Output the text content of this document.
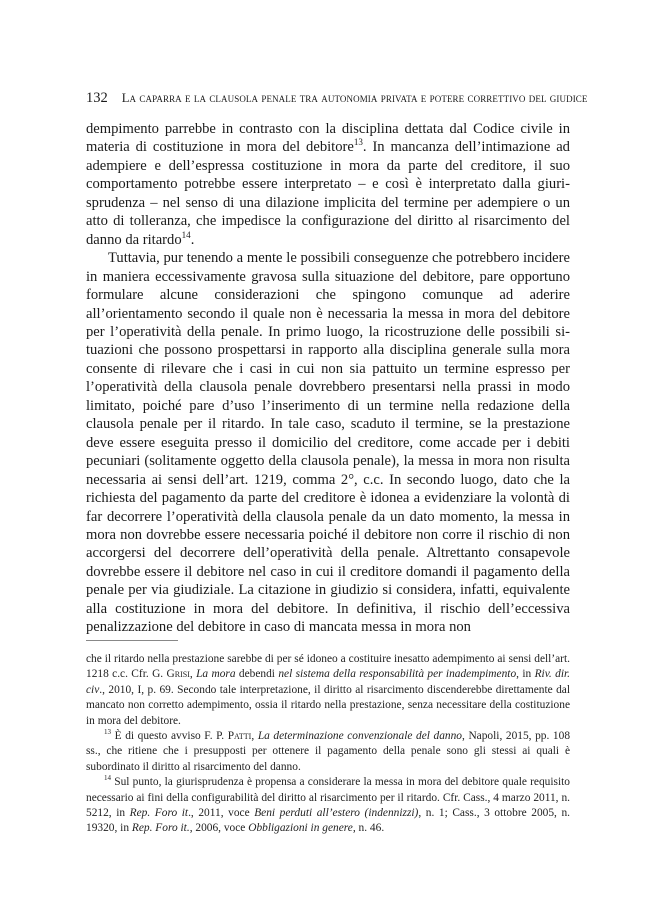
132 La caparra e la clausola penale tra autonomia privata e potere correttivo del giudice

dempimento parrebbe in contrasto con la disciplina dettata dal Codice civile in materia di costituzione in mora del debitore$^{13}$. In mancanza dell’intimazione ad adempiere e dell’espressa costituzione in mora da parte del creditore, il suo comportamento potrebbe essere interpretato – e così è interpretato dalla giurisprudenza – nel senso di una dilazione implicita del termine per adempiere o un atto di tolleranza, che impedisce la configurazione del diritto al risarcimento del danno da ritardo$^{14}$.

Tuttavia, pur tenendo a mente le possibili conseguenze che potrebbero incidere in maniera eccessivamente gravosa sulla situazione del debitore, pare opportuno formulare alcune considerazioni che spingono comunque ad aderire all’orientamento secondo il quale non è necessaria la messa in mora del debitore per l’operatività della penale. In primo luogo, la ricostruzione delle possibili situazioni che possono prospettarsi in rapporto alla disciplina generale sulla mora consente di rilevare che i casi in cui non sia pattuito un termine espresso per l’operatività della clausola penale dovrebbero presentarsi nella prassi in modo limitato, poiché pare d’uso l’inserimento di un termine nella redazione della clausola penale per il ritardo. In tale caso, scaduto il termine, se la prestazione deve essere eseguita presso il domicilio del creditore, come accade per i debiti pecuniari (solitamente oggetto della clausola penale), la messa in mora non risulta necessaria ai sensi dell’art. 1219, comma 2°, c.c. In secondo luogo, dato che la richiesta del pagamento da parte del creditore è idonea a evidenziare la volontà di far decorrere l’operatività della clausola penale da un dato momento, la messa in mora non dovrebbe essere necessaria poiché il debitore non corre il rischio di non accorgersi del decorrere dell’operatività della penale. Altrettanto consapevole dovrebbe essere il debitore nel caso in cui il creditore domandi il pagamento della penale per via giudiziale. La citazione in giudizio si considera, infatti, equivalente alla costituzione in mora del debitore. In definitiva, il rischio dell’eccessiva penalizzazione del debitore in caso di mancata messa in mora non

che il ritardo nella prestazione sarebbe di per sé idoneo a costituire inesatto adempimento ai sensi dell’art. 1218 c.c. Cfr. G. Grisi, La mora debendi nel sistema della responsabilità per inadempimento, in Riv. dir. civ., 2010, I, p. 69. Secondo tale interpretazione, il diritto al risarcimento discenderebbe direttamente dal mancato non corretto adempimento, ossia il ritardo nella prestazione, senza necessitare della costituzione in mora del debitore.

$^{13}$ È di questo avviso F. P. Patti, La determinazione convenzionale del danno, Napoli, 2015, pp. 108 ss., che ritiene che i presupposti per ottenere il pagamento della penale sono gli stessi ai quali è subordinato il diritto al risarcimento del danno.

$^{14}$ Sul punto, la giurisprudenza è propensa a considerare la messa in mora del debitore quale requisito necessario ai fini della configurabilità del diritto al risarcimento per il ritardo. Cfr. Cass., 4 marzo 2011, n. 5212, in Rep. Foro it., 2011, voce Beni perduti all’estero (indennizzi), n. 1; Cass., 3 ottobre 2005, n. 19320, in Rep. Foro it., 2006, voce Obbligazioni in genere, n. 46.
